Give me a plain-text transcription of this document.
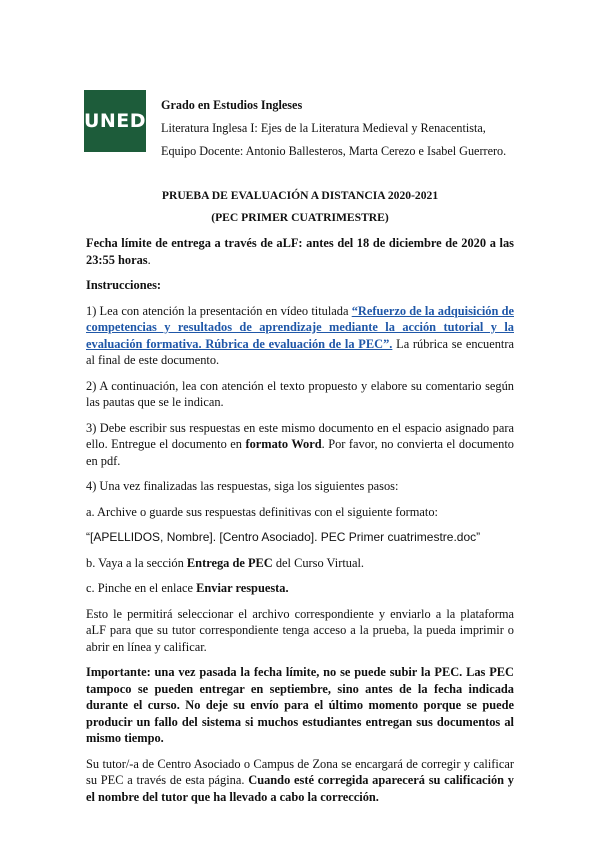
UNED
Grado en Estudios Ingleses
Literatura Inglesa I: Ejes de la Literatura Medieval y Renacentista,
Equipo Docente: Antonio Ballesteros, Marta Cerezo e Isabel Guerrero.
PRUEBA DE EVALUACIÓN A DISTANCIA 2020-2021
(PEC PRIMER CUATRIMESTRE)

Fecha límite de entrega a través de aLF: antes del 18 de diciembre de 2020 a las 23:55 horas.

Instrucciones:

1) Lea con atención la presentación en vídeo titulada “Refuerzo de la adquisición de competencias y resultados de aprendizaje mediante la acción tutorial y la evaluación formativa. Rúbrica de evaluación de la PEC”. La rúbrica se encuentra al final de este documento.

2) A continuación, lea con atención el texto propuesto y elabore su comentario según las pautas que se le indican.

3) Debe escribir sus respuestas en este mismo documento en el espacio asignado para ello. Entregue el documento en formato Word. Por favor, no convierta el documento en pdf.

4) Una vez finalizadas las respuestas, siga los siguientes pasos:

a. Archive o guarde sus respuestas definitivas con el siguiente formato:

“[APELLIDOS, Nombre]. [Centro Asociado]. PEC Primer cuatrimestre.doc”

b. Vaya a la sección Entrega de PEC del Curso Virtual.

c. Pinche en el enlace Enviar respuesta.

Esto le permitirá seleccionar el archivo correspondiente y enviarlo a la plataforma aLF para que su tutor correspondiente tenga acceso a la prueba, la pueda imprimir o abrir en línea y calificar.

Importante: una vez pasada la fecha límite, no se puede subir la PEC. Las PEC tampoco se pueden entregar en septiembre, sino antes de la fecha indicada durante el curso. No deje su envío para el último momento porque se puede producir un fallo del sistema si muchos estudiantes entregan sus documentos al mismo tiempo.

Su tutor/-a de Centro Asociado o Campus de Zona se encargará de corregir y calificar su PEC a través de esta página. Cuando esté corregida aparecerá su calificación y el nombre del tutor que ha llevado a cabo la corrección.
